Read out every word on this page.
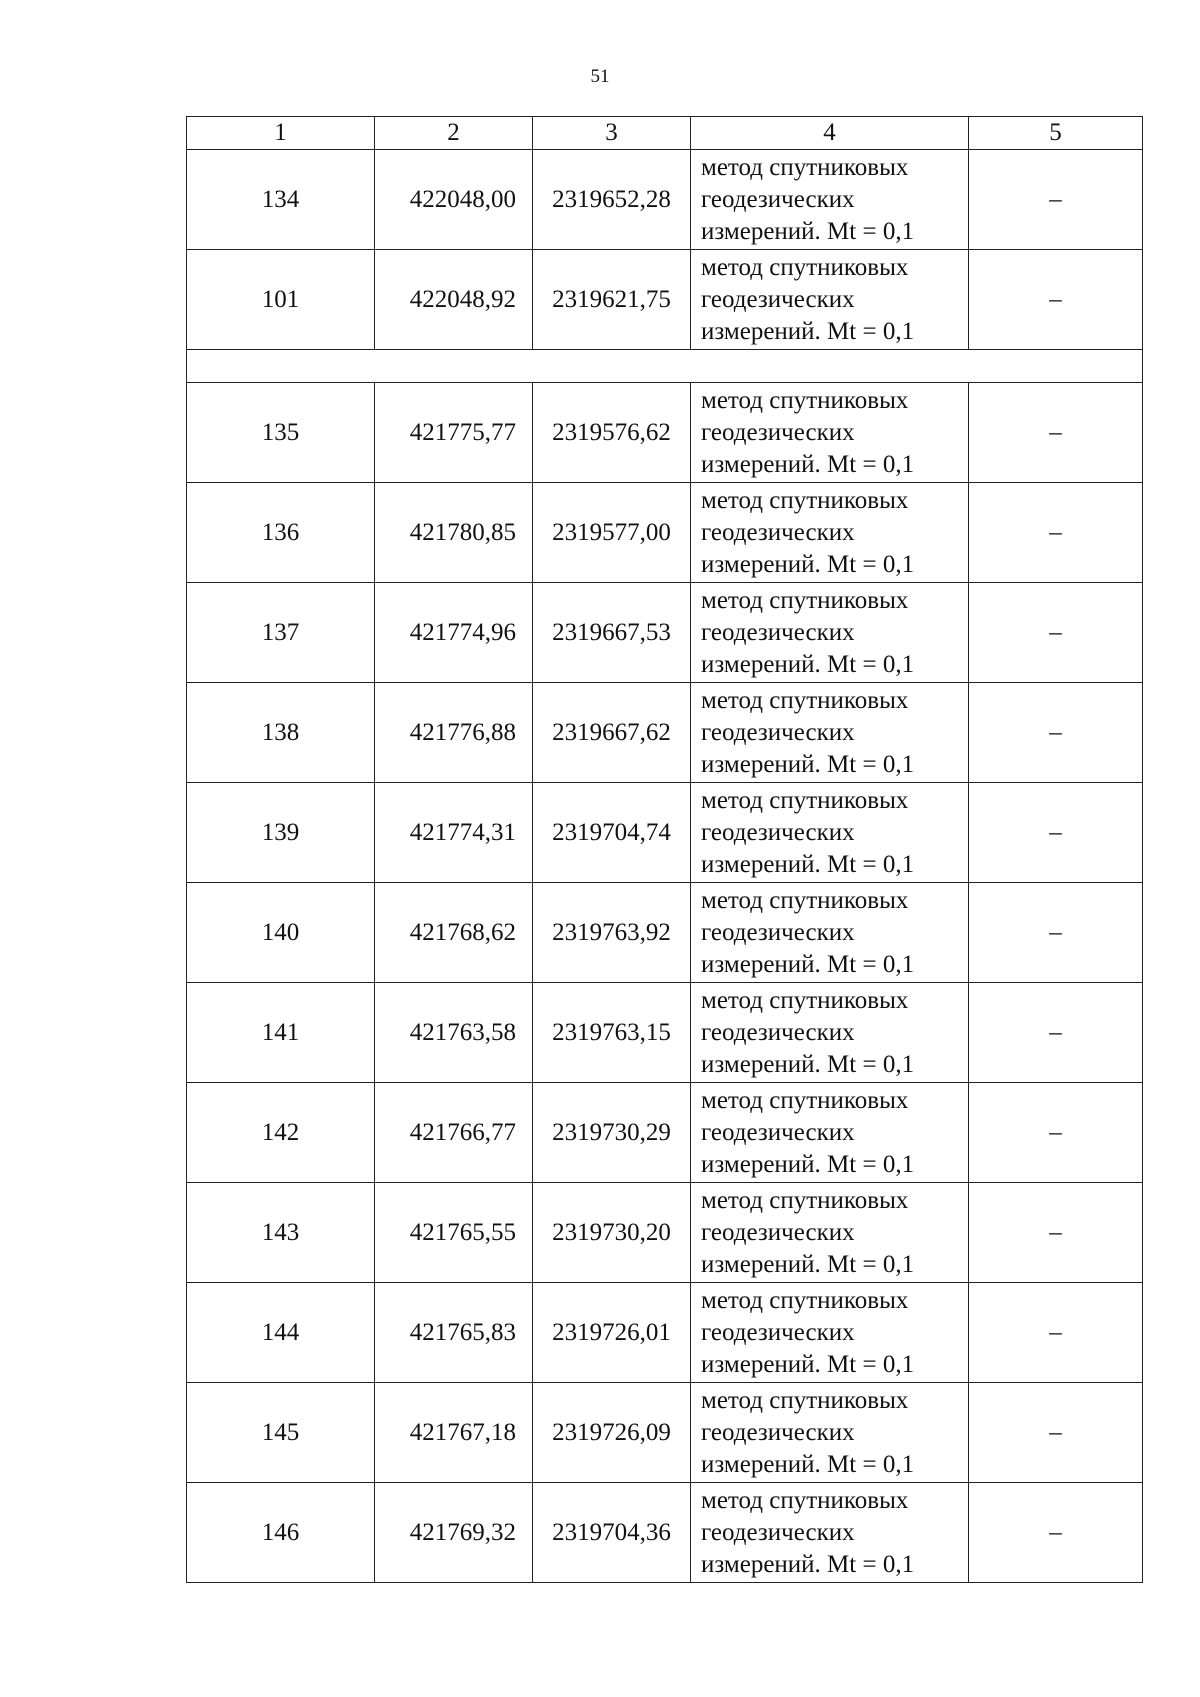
51
1	2	3	4	5
134	422048,00	2319652,28	метод спутниковых
геодезических
измерений. Mt = 0,1	–
101	422048,92	2319621,75	метод спутниковых
геодезических
измерений. Mt = 0,1	–

135	421775,77	2319576,62	метод спутниковых
геодезических
измерений. Mt = 0,1	–
136	421780,85	2319577,00	метод спутниковых
геодезических
измерений. Mt = 0,1	–
137	421774,96	2319667,53	метод спутниковых
геодезических
измерений. Mt = 0,1	–
138	421776,88	2319667,62	метод спутниковых
геодезических
измерений. Mt = 0,1	–
139	421774,31	2319704,74	метод спутниковых
геодезических
измерений. Mt = 0,1	–
140	421768,62	2319763,92	метод спутниковых
геодезических
измерений. Mt = 0,1	–
141	421763,58	2319763,15	метод спутниковых
геодезических
измерений. Mt = 0,1	–
142	421766,77	2319730,29	метод спутниковых
геодезических
измерений. Mt = 0,1	–
143	421765,55	2319730,20	метод спутниковых
геодезических
измерений. Mt = 0,1	–
144	421765,83	2319726,01	метод спутниковых
геодезических
измерений. Mt = 0,1	–
145	421767,18	2319726,09	метод спутниковых
геодезических
измерений. Mt = 0,1	–
146	421769,32	2319704,36	метод спутниковых
геодезических
измерений. Mt = 0,1	–
